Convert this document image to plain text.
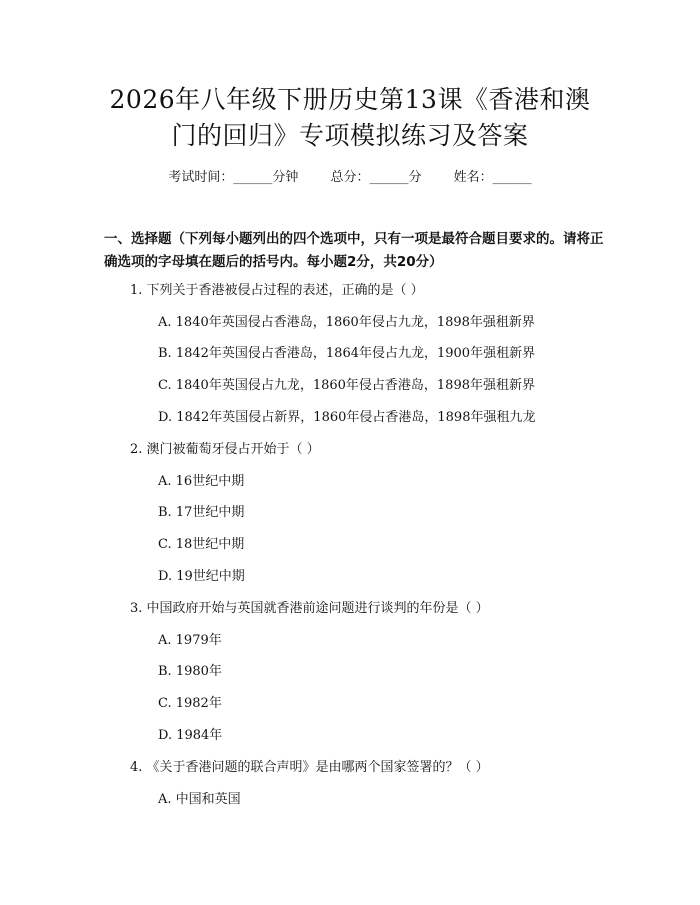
2026年八年级下册历史第13课《香港和澳
门的回归》专项模拟练习及答案
考试时间：______分钟 总分：______分 姓名：______
一、选择题（下列每小题列出的四个选项中，只有一项是最符合题目要求的。请将正确选项的字母填在题后的括号内。每小题2分，共20分）
1. 下列关于香港被侵占过程的表述，正确的是（ ）
A. 1840年英国侵占香港岛，1860年侵占九龙，1898年强租新界
B. 1842年英国侵占香港岛，1864年侵占九龙，1900年强租新界
C. 1840年英国侵占九龙，1860年侵占香港岛，1898年强租新界
D. 1842年英国侵占新界，1860年侵占香港岛，1898年强租九龙
2. 澳门被葡萄牙侵占开始于（ ）
A. 16世纪中期
B. 17世纪中期
C. 18世纪中期
D. 19世纪中期
3. 中国政府开始与英国就香港前途问题进行谈判的年份是（ ）
A. 1979年
B. 1980年
C. 1982年
D. 1984年
4. 《关于香港问题的联合声明》是由哪两个国家签署的？（ ）
A. 中国和英国
